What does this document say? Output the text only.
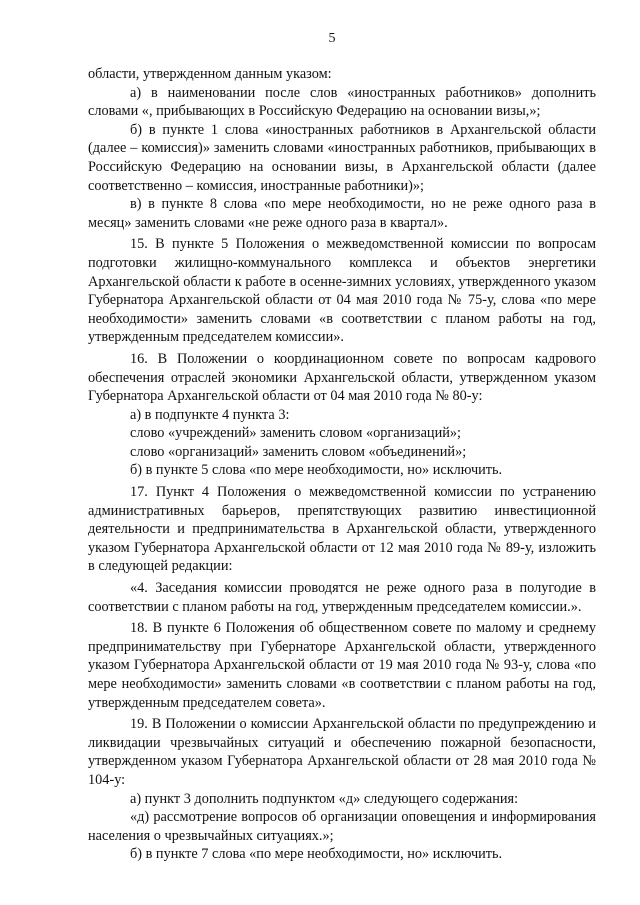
5

области, утвержденном данным указом:

а) в наименовании после слов «иностранных работников» дополнить словами «, прибывающих в Российскую Федерацию на основании визы,»;

б) в пункте 1 слова «иностранных работников в Архангельской области (далее – комиссия)» заменить словами «иностранных работников, прибывающих в Российскую Федерацию на основании визы, в Архангельской области (далее соответственно – комиссия, иностранные работники)»;

в) в пункте 8 слова «по мере необходимости, но не реже одного раза в месяц» заменить словами «не реже одного раза в квартал».

15. В пункте 5 Положения о межведомственной комиссии по вопросам подготовки жилищно-коммунального комплекса и объектов энергетики Архангельской области к работе в осенне-зимних условиях, утвержденного указом Губернатора Архангельской области от 04 мая 2010 года № 75-у, слова «по мере необходимости» заменить словами «в соответствии с планом работы на год, утвержденным председателем комиссии».

16. В Положении о координационном совете по вопросам кадрового обеспечения отраслей экономики Архангельской области, утвержденном указом Губернатора Архангельской области от 04 мая 2010 года № 80-у:

а) в подпункте 4 пункта 3:

слово «учреждений» заменить словом «организаций»;

слово «организаций» заменить словом «объединений»;

б) в пункте 5 слова «по мере необходимости, но» исключить.

17. Пункт 4 Положения о межведомственной комиссии по устранению административных барьеров, препятствующих развитию инвестиционной деятельности и предпринимательства в Архангельской области, утвержденного указом Губернатора Архангельской области от 12 мая 2010 года № 89-у, изложить в следующей редакции:

«4. Заседания комиссии проводятся не реже одного раза в полугодие в соответствии с планом работы на год, утвержденным председателем комиссии.».

18. В пункте 6 Положения об общественном совете по малому и среднему предпринимательству при Губернаторе Архангельской области, утвержденного указом Губернатора Архангельской области от 19 мая 2010 года № 93-у, слова «по мере необходимости» заменить словами «в соответствии с планом работы на год, утвержденным председателем совета».

19. В Положении о комиссии Архангельской области по предупреждению и ликвидации чрезвычайных ситуаций и обеспечению пожарной безопасности, утвержденном указом Губернатора Архангельской области от 28 мая 2010 года № 104-у:

а) пункт 3 дополнить подпунктом «д» следующего содержания:

«д) рассмотрение вопросов об организации оповещения и информирования населения о чрезвычайных ситуациях.»;

б) в пункте 7 слова «по мере необходимости, но» исключить.
